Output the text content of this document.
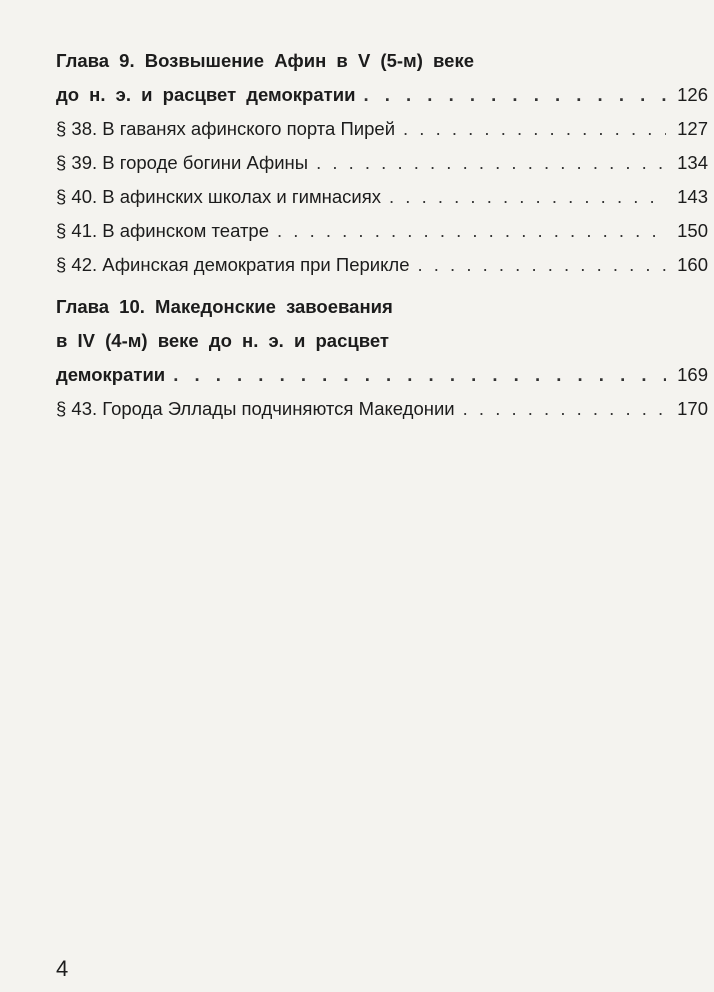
Глава 9. Возвышение Афин в V (5-м) веке
до н. э. и расцвет демократии . . .	126
§ 38. В гаванях афинского порта Пирей . . .	127
§ 39. В городе богини Афины . . .	134
§ 40. В афинских школах и гимнасиях . . .	143
§ 41. В афинском театре . . .	150
§ 42. Афинская демократия при Перикле . . .	160
Глава 10. Македонские завоевания
в IV (4-м) веке до н. э. и расцвет
демократии . . .	169
§ 43. Города Эллады подчиняются Македонии . . .	170
4
